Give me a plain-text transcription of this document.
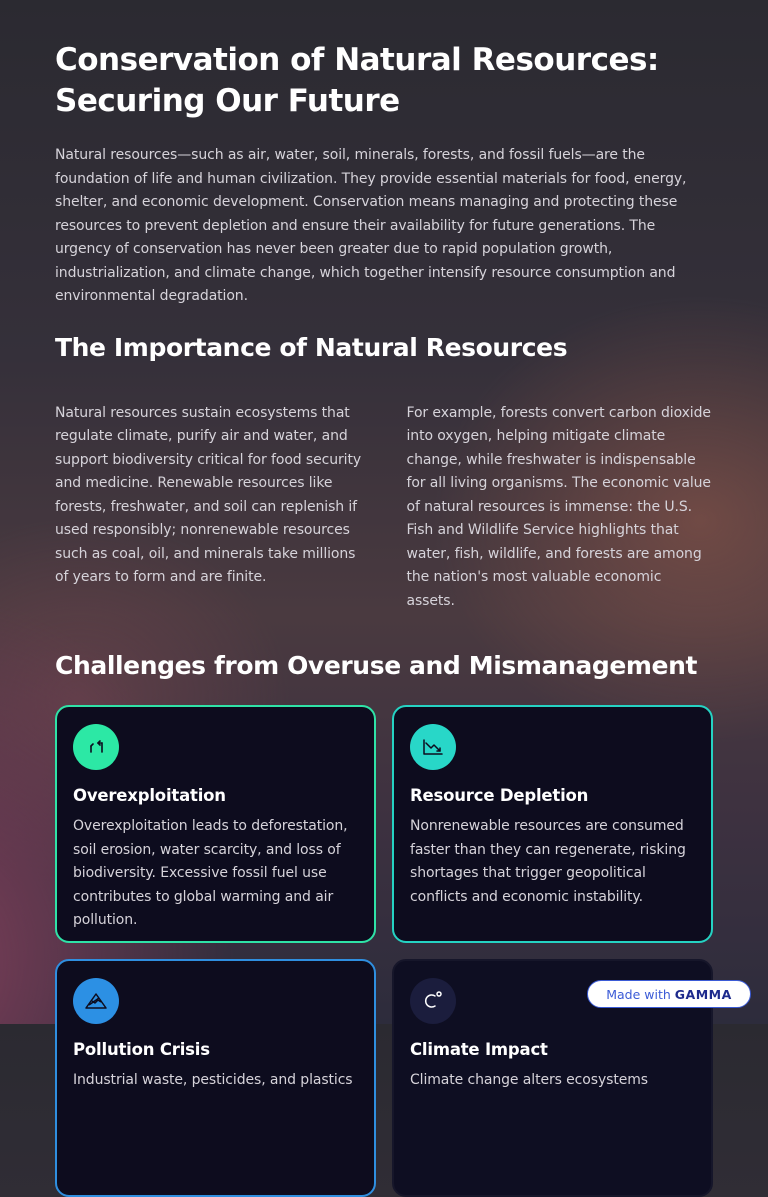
Conservation of Natural Resources:
Securing Our Future

Natural resources—such as air, water, soil, minerals, forests, and fossil fuels—are the foundation of life and human civilization. They provide essential materials for food, energy, shelter, and economic development. Conservation means managing and protecting these resources to prevent depletion and ensure their availability for future generations. The urgency of conservation has never been greater due to rapid population growth, industrialization, and climate change, which together intensify resource consumption and environmental degradation.

The Importance of Natural Resources

Natural resources sustain ecosystems that regulate climate, purify air and water, and support biodiversity critical for food security and medicine. Renewable resources like forests, freshwater, and soil can replenish if used responsibly; nonrenewable resources such as coal, oil, and minerals take millions of years to form and are finite.

For example, forests convert carbon dioxide into oxygen, helping mitigate climate change, while freshwater is indispensable for all living organisms. The economic value of natural resources is immense: the U.S. Fish and Wildlife Service highlights that water, fish, wildlife, and forests are among the nation's most valuable economic assets.

Challenges from Overuse and Mismanagement
Overexploitation

Overexploitation leads to deforestation, soil erosion, water scarcity, and loss of biodiversity. Excessive fossil fuel use contributes to global warming and air pollution.

Resource Depletion

Nonrenewable resources are consumed faster than they can regenerate, risking shortages that trigger geopolitical conflicts and economic instability.

Pollution Crisis

Industrial waste, pesticides, and plastics

Climate Impact

Climate change alters ecosystems

Made with GAMMA
